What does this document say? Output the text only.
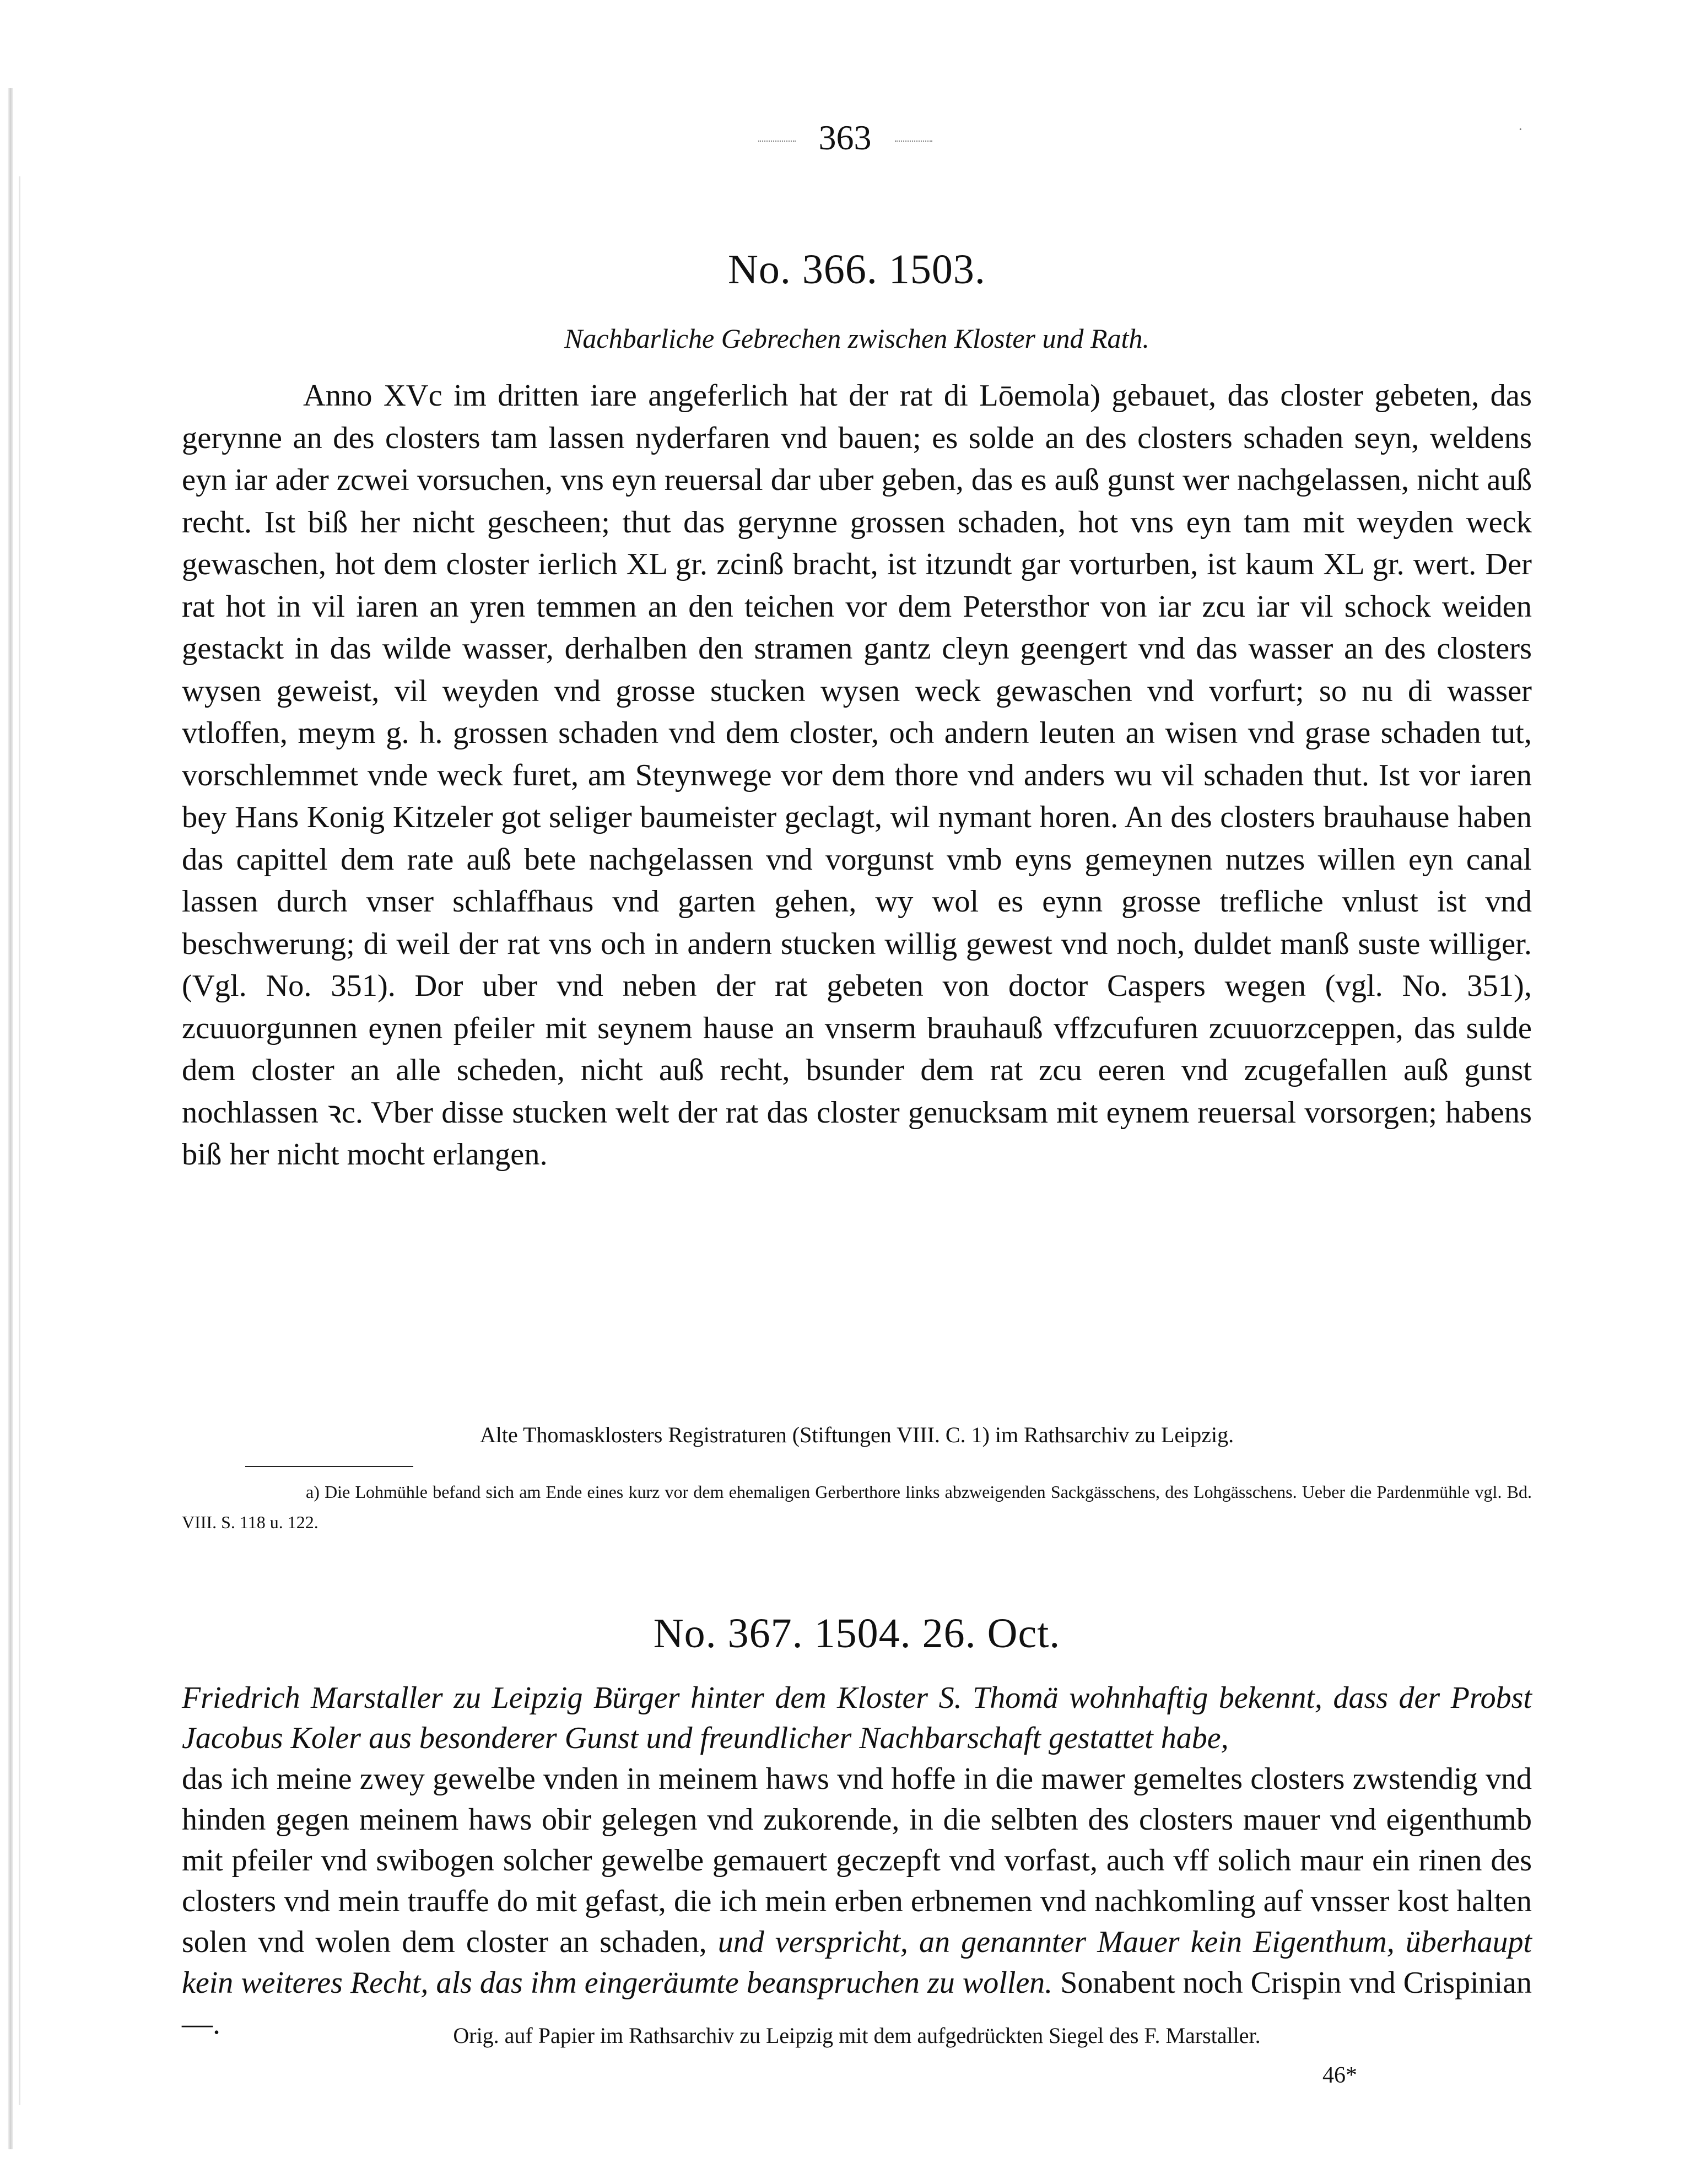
·
363
No. 366. 1503.
Nachbarliche Gebrechen zwischen Kloster und Rath.

Anno XVc im dritten iare angeferlich hat der rat di Lōemola) gebauet, das closter gebeten, das gerynne an des closters tam lassen nyderfaren vnd bauen; es solde an des closters schaden seyn, weldens eyn iar ader zcwei vorsuchen, vns eyn reuersal dar uber geben, das es auß gunst wer nachgelassen, nicht auß recht. Ist biß her nicht gescheen; thut das gerynne grossen schaden, hot vns eyn tam mit weyden weck gewaschen, hot dem closter ierlich XL gr. zcinß bracht, ist itzundt gar vorturben, ist kaum XL gr. wert. Der rat hot in vil iaren an yren temmen an den teichen vor dem Petersthor von iar zcu iar vil schock weiden gestackt in das wilde wasser, derhalben den stramen gantz cleyn geengert vnd das wasser an des closters wysen geweist, vil weyden vnd grosse stucken wysen weck gewaschen vnd vorfurt; so nu di wasser vtloffen, meym g. h. grossen schaden vnd dem closter, och andern leuten an wisen vnd grase schaden tut, vorschlemmet vnde weck furet, am Steynwege vor dem thore vnd anders wu vil schaden thut. Ist vor iaren bey Hans Konig Kitzeler got seliger baumeister geclagt, wil nymant horen. An des closters brauhause haben das capittel dem rate auß bete nachgelassen vnd vorgunst vmb eyns gemeynen nutzes willen eyn canal lassen durch vnser schlaffhaus vnd garten gehen, wy wol es eynn grosse trefliche vnlust ist vnd beschwerung; di weil der rat vns och in andern stucken willig gewest vnd noch, duldet manß suste williger. (Vgl. No. 351). Dor uber vnd neben der rat gebeten von doctor Caspers wegen (vgl. No. 351), zcuuorgunnen eynen pfeiler mit seynem hause an vnserm brauhauß vffzcufuren zcuuorzceppen, das sulde dem closter an alle scheden, nicht auß recht, bsunder dem rat zcu eeren vnd zcugefallen auß gunst nochlassen ꝛc. Vber disse stucken welt der rat das closter genucksam mit eynem reuersal vorsorgen; habens biß her nicht mocht erlangen.

Alte Thomasklosters Registraturen (Stiftungen VIII. C. 1) im Rathsarchiv zu Leipzig.

a) Die Lohmühle befand sich am Ende eines kurz vor dem ehemaligen Gerberthore links abzweigenden Sackgässchens, des Lohgässchens. Ueber die Pardenmühle vgl. Bd. VIII. S. 118 u. 122.

No. 367. 1504. 26. Oct.

Friedrich Marstaller zu Leipzig Bürger hinter dem Kloster S. Thomä wohnhaftig bekennt, dass der Probst Jacobus Koler aus besonderer Gunst und freundlicher Nachbarschaft gestattet habe,

das ich meine zwey gewelbe vnden in meinem haws vnd hoffe in die mawer gemeltes closters zwstendig vnd hinden gegen meinem haws obir gelegen vnd zukorende, in die selbten des closters mauer vnd eigenthumb mit pfeiler vnd swibogen solcher gewelbe gemauert geczepft vnd vorfast, auch vff solich maur ein rinen des closters vnd mein trauffe do mit gefast, die ich mein erben erbnemen vnd nachkomling auf vnsser kost halten solen vnd wolen dem closter an schaden, und verspricht, an genannter Mauer kein Eigenthum, überhaupt kein weiteres Recht, als das ihm eingeräumte beanspruchen zu wollen. Sonabent noch Crispin vnd Crispinian —.	Orig. auf Papier im Rathsarchiv zu Leipzig mit dem aufgedrückten Siegel des F. Marstaller.
46*
